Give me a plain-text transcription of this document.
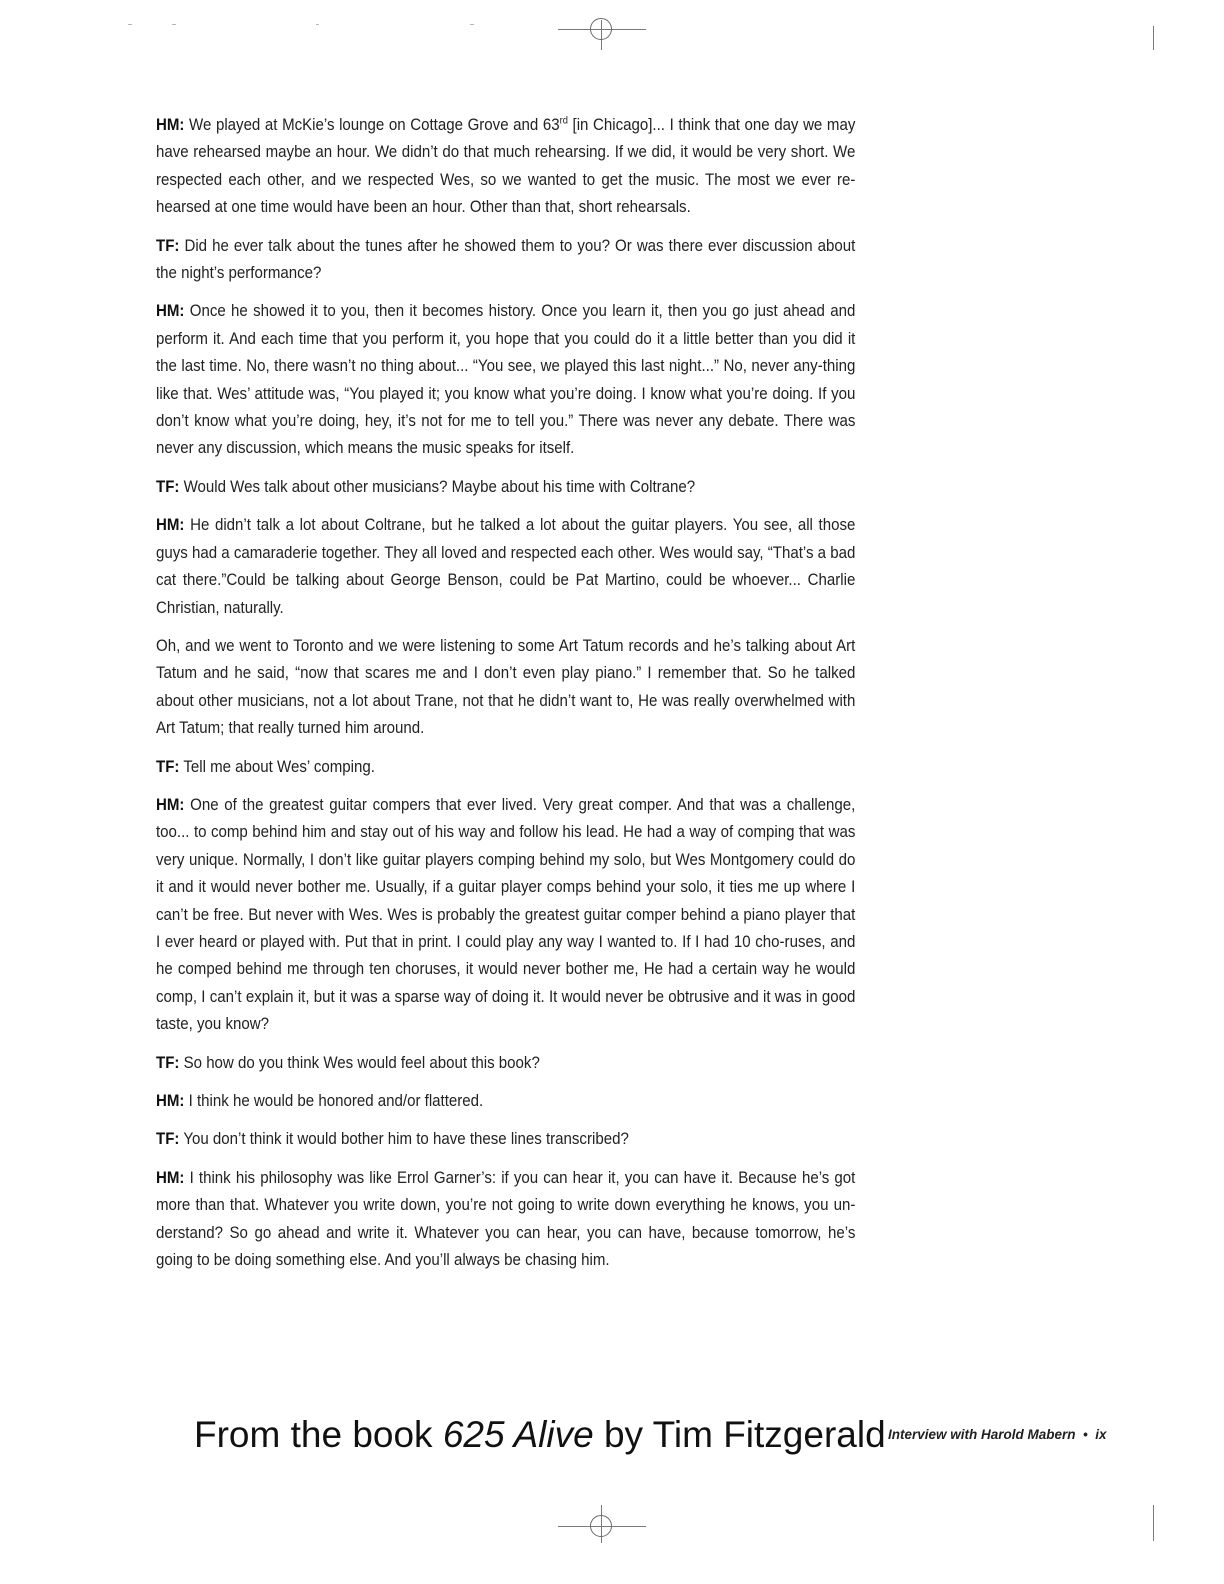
HM: We played at McKie’s lounge on Cottage Grove and 63rd [in Chicago]... I think that one day we may have rehearsed maybe an hour. We didn’t do that much rehearsing. If we did, it would be very short. We respected each other, and we respected Wes, so we wanted to get the music. The most we ever re-hearsed at one time would have been an hour. Other than that, short rehearsals.

TF: Did he ever talk about the tunes after he showed them to you? Or was there ever discussion about the night’s performance?

HM: Once he showed it to you, then it becomes history. Once you learn it, then you go just ahead and perform it. And each time that you perform it, you hope that you could do it a little better than you did it the last time. No, there wasn’t no thing about... “You see, we played this last night...” No, never any-thing like that. Wes’ attitude was, “You played it; you know what you’re doing. I know what you’re doing. If you don’t know what you’re doing, hey, it’s not for me to tell you.” There was never any debate. There was never any discussion, which means the music speaks for itself.

TF: Would Wes talk about other musicians? Maybe about his time with Coltrane?

HM: He didn’t talk a lot about Coltrane, but he talked a lot about the guitar players. You see, all those guys had a camaraderie together. They all loved and respected each other. Wes would say, “That’s a bad cat there.”Could be talking about George Benson, could be Pat Martino, could be whoever... Charlie Christian, naturally.

Oh, and we went to Toronto and we were listening to some Art Tatum records and he’s talking about Art Tatum and he said, “now that scares me and I don’t even play piano.” I remember that. So he talked about other musicians, not a lot about Trane, not that he didn’t want to, He was really overwhelmed with Art Tatum; that really turned him around.

TF: Tell me about Wes’ comping.

HM: One of the greatest guitar compers that ever lived. Very great comper. And that was a challenge, too... to comp behind him and stay out of his way and follow his lead. He had a way of comping that was very unique. Normally, I don’t like guitar players comping behind my solo, but Wes Montgomery could do it and it would never bother me. Usually, if a guitar player comps behind your solo, it ties me up where I can’t be free. But never with Wes. Wes is probably the greatest guitar comper behind a piano player that I ever heard or played with. Put that in print. I could play any way I wanted to. If I had 10 cho-ruses, and he comped behind me through ten choruses, it would never bother me, He had a certain way he would comp, I can’t explain it, but it was a sparse way of doing it. It would never be obtrusive and it was in good taste, you know?

TF: So how do you think Wes would feel about this book?

HM: I think he would be honored and/or flattered.

TF: You don’t think it would bother him to have these lines transcribed?

HM: I think his philosophy was like Errol Garner’s: if you can hear it, you can have it. Because he’s got more than that. Whatever you write down, you’re not going to write down everything he knows, you un-derstand? So go ahead and write it. Whatever you can hear, you can have, because tomorrow, he’s going to be doing something else. And you’ll always be chasing him.

From the book 625 Alive by Tim Fitzgerald Interview with Harold Mabern • ix
